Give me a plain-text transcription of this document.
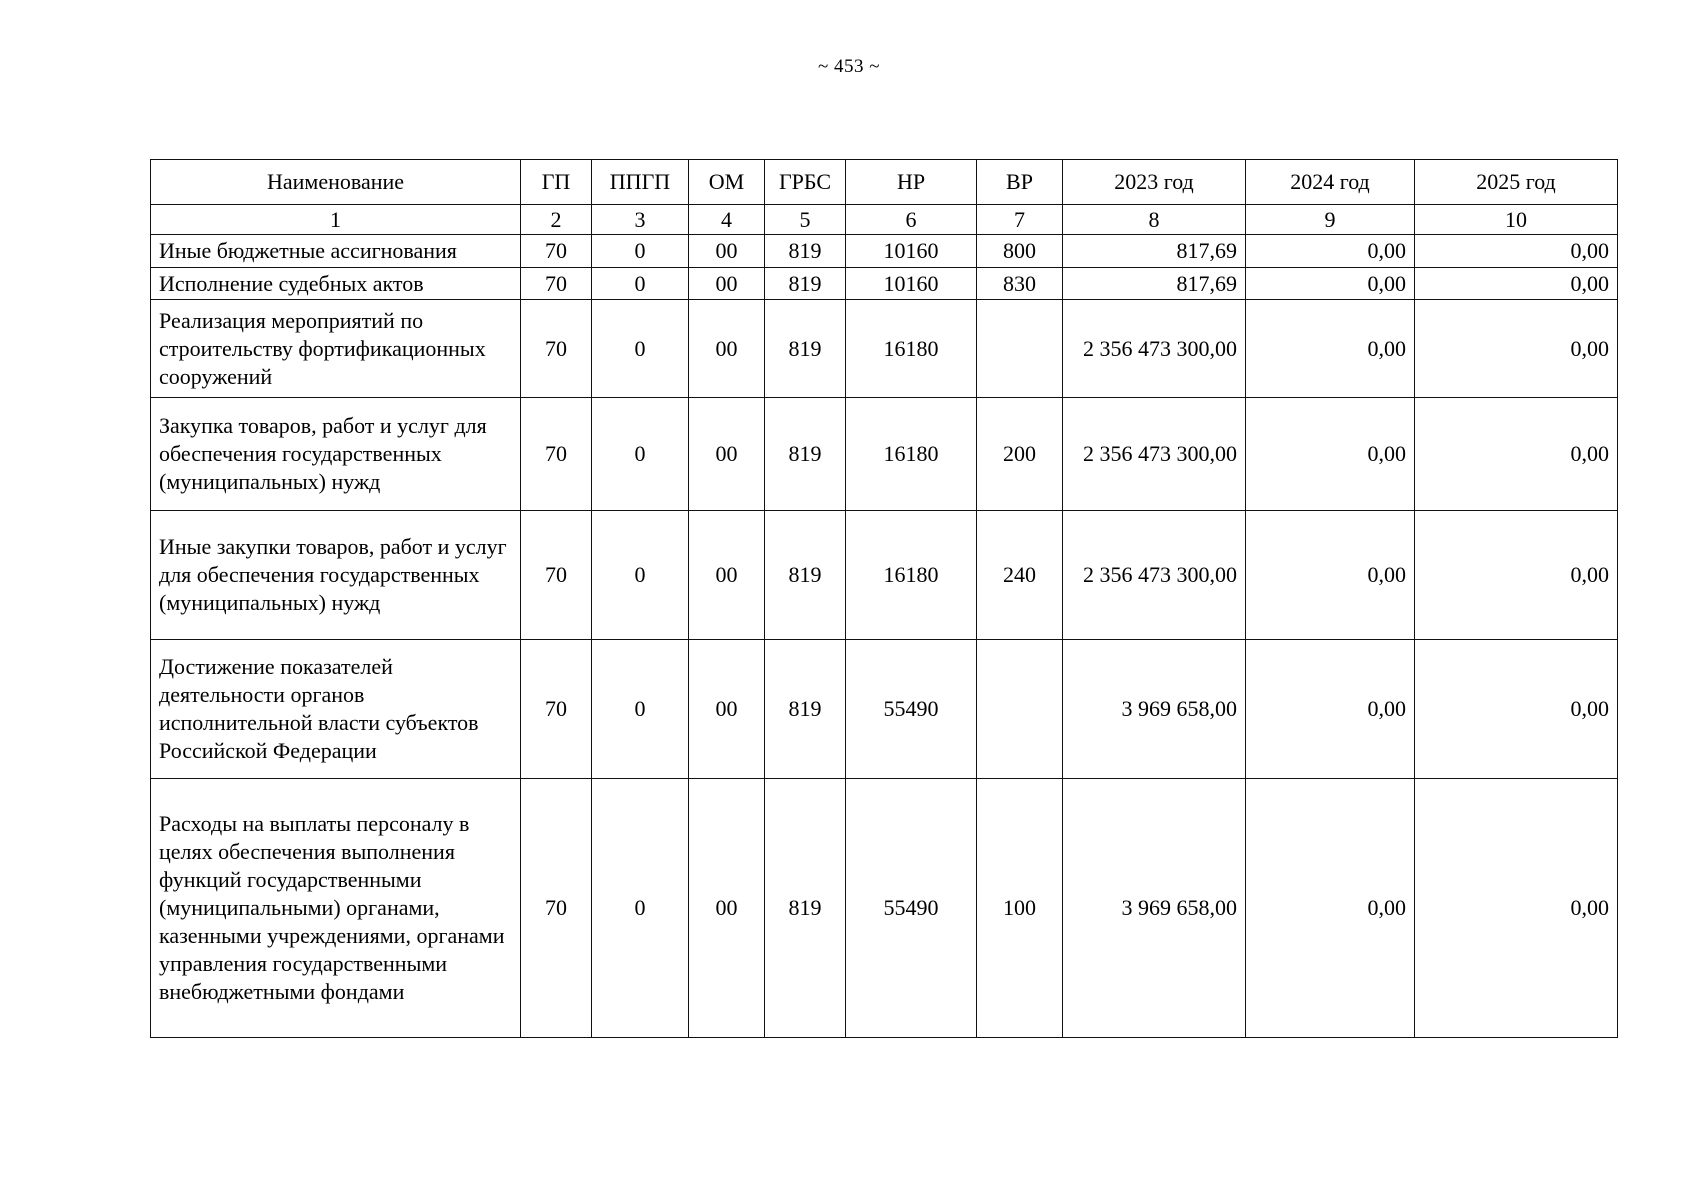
~ 453 ~
Наименование	ГП	ППГП	ОМ	ГРБС	НР	ВР	2023 год	2024 год	2025 год
1	2	3	4	5	6	7	8	9	10
Иные бюджетные ассигнования	70	0	00	819	10160	800	817,69	0,00	0,00
Исполнение судебных актов	70	0	00	819	10160	830	817,69	0,00	0,00
Реализация мероприятий по строительству фортификационных сооружений	70	0	00	819	16180		2 356 473 300,00	0,00	0,00
Закупка товаров, работ и услуг для обеспечения государственных (муниципальных) нужд	70	0	00	819	16180	200	2 356 473 300,00	0,00	0,00
Иные закупки товаров, работ и услуг для обеспечения государственных (муниципальных) нужд	70	0	00	819	16180	240	2 356 473 300,00	0,00	0,00
Достижение показателей деятельности органов исполнительной власти субъектов Российской Федерации	70	0	00	819	55490		3 969 658,00	0,00	0,00
Расходы на выплаты персоналу в целях обеспечения выполнения функций государственными (муниципальными) органами, казенными учреждениями, органами управления государственными внебюджетными фондами	70	0	00	819	55490	100	3 969 658,00	0,00	0,00
